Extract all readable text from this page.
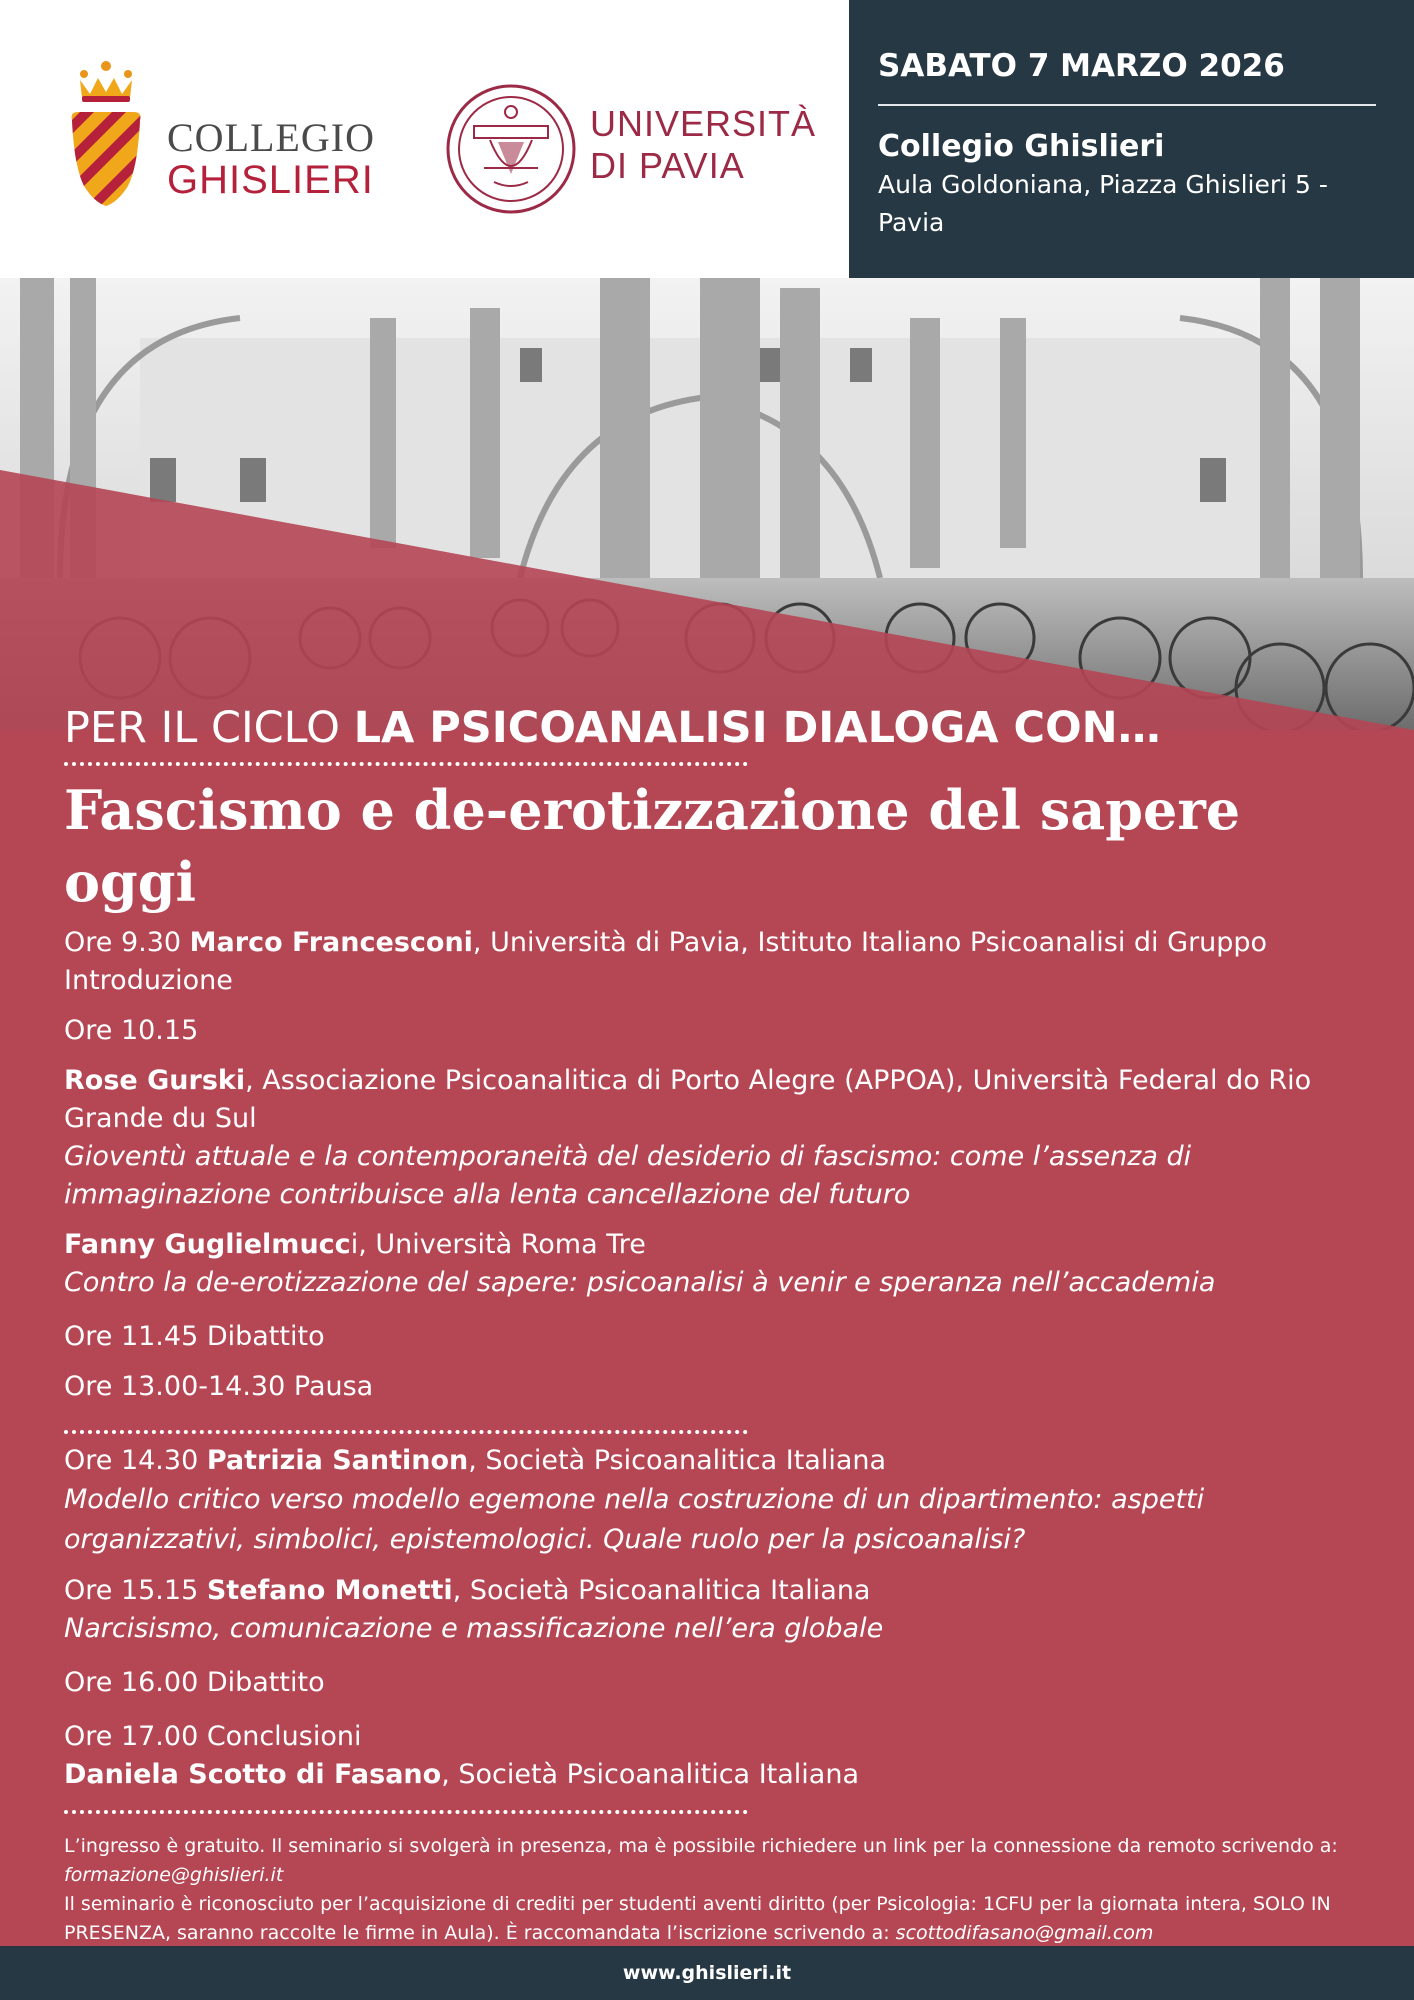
COLLEGIO
GHISLIERI
UNIVERSITÀ
DI PAVIA
SABATO 7 MARZO 2026
Collegio Ghislieri
Aula Goldoniana, Piazza Ghislieri 5 - Pavia
PER IL CICLO LA PSICOANALISI DIALOGA CON…
Fascismo e de-erotizzazione del sapere oggi
Ore 9.30 Marco Francesconi, Università di Pavia, Istituto Italiano Psicoanalisi di Gruppo
Introduzione
Ore 10.15
Rose Gurski, Associazione Psicoanalitica di Porto Alegre (APPOA), Università Federal do Rio Grande du Sul
Gioventù attuale e la contemporaneità del desiderio di fascismo: come l’assenza di immaginazione contribuisce alla lenta cancellazione del futuro
Fanny Guglielmucci, Università Roma Tre
Contro la de-erotizzazione del sapere: psicoanalisi à venir e speranza nell’accademia
Ore 11.45 Dibattito
Ore 13.00-14.30 Pausa
Ore 14.30 Patrizia Santinon, Società Psicoanalitica Italiana
Modello critico verso modello egemone nella costruzione di un dipartimento: aspetti organizzativi, simbolici, epistemologici. Quale ruolo per la psicoanalisi?
Ore 15.15 Stefano Monetti, Società Psicoanalitica Italiana
Narcisismo, comunicazione e massificazione nell’era globale
Ore 16.00 Dibattito
Ore 17.00 Conclusioni
Daniela Scotto di Fasano, Società Psicoanalitica Italiana
L’ingresso è gratuito. Il seminario si svolgerà in presenza, ma è possibile richiedere un link per la connessione da remoto scrivendo a:
formazione@ghislieri.it
Il seminario è riconosciuto per l’acquisizione di crediti per studenti aventi diritto (per Psicologia: 1CFU per la giornata intera, SOLO IN PRESENZA, saranno raccolte le firme in Aula). È raccomandata l’iscrizione scrivendo a: scottodifasano@gmail.com
www.ghislieri.it
